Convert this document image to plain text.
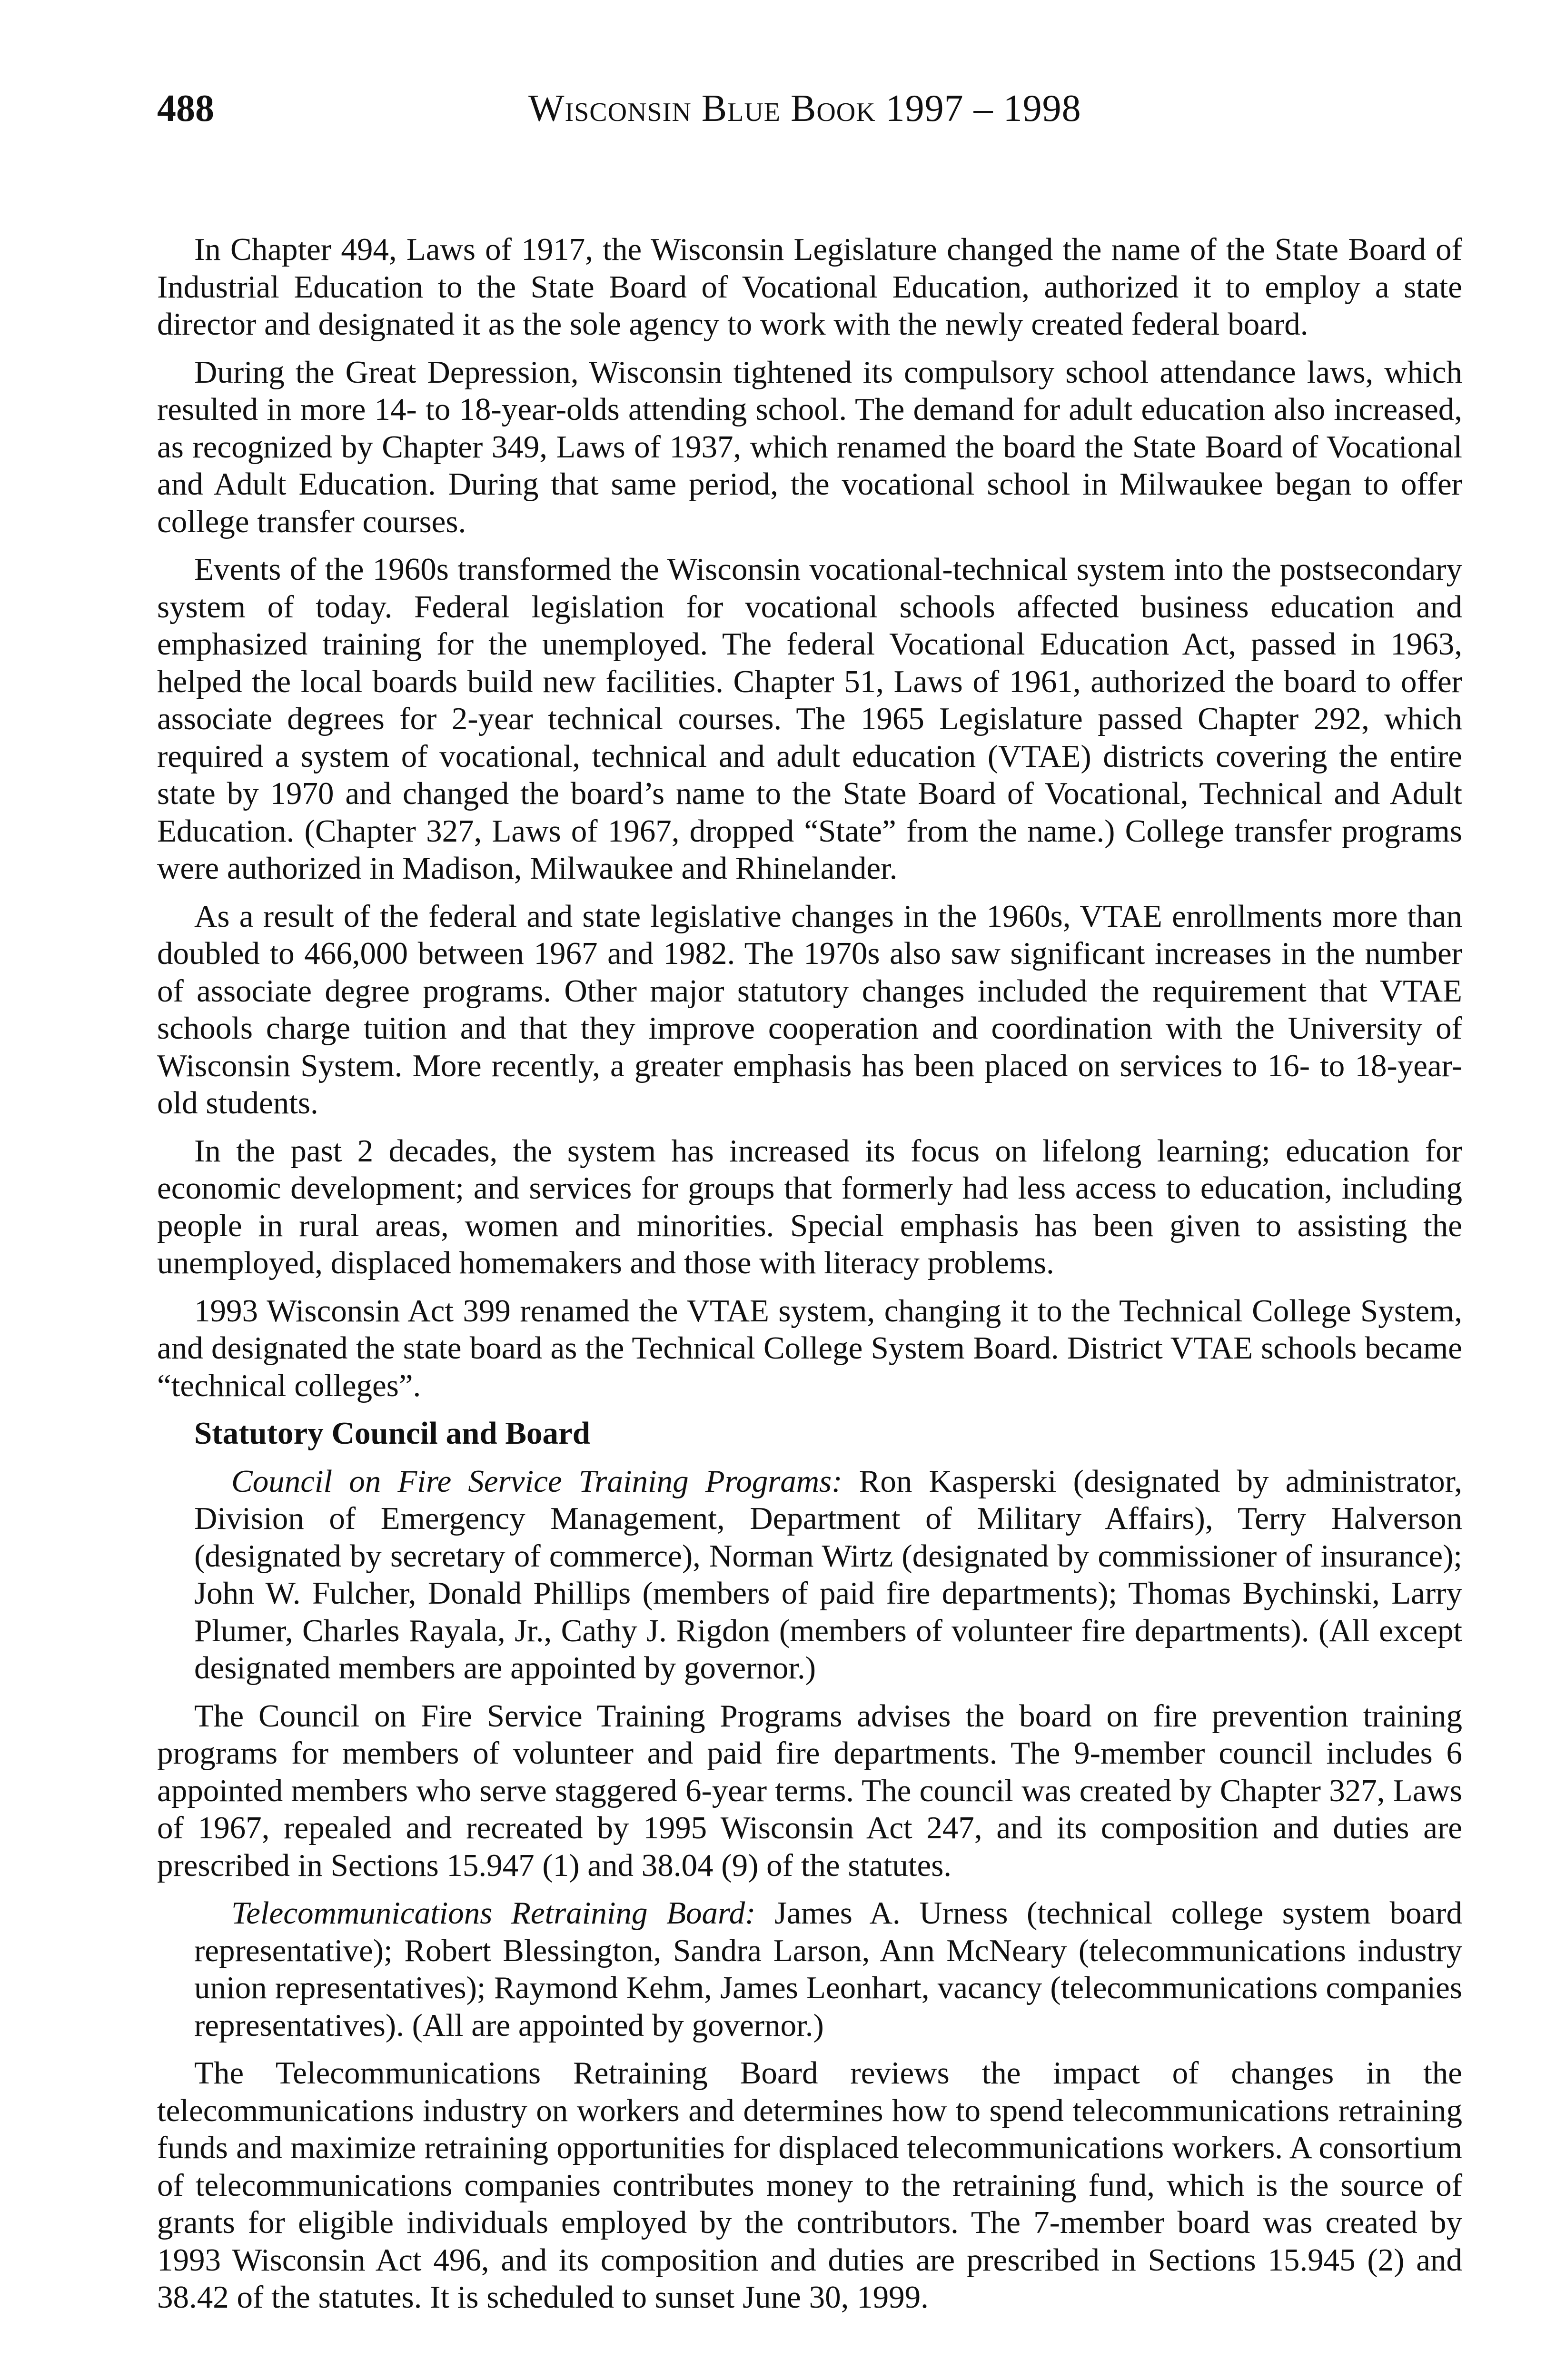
488	Wisconsin Blue Book 1997 – 1998

In Chapter 494, Laws of 1917, the Wisconsin Legislature changed the name of the State Board of Industrial Education to the State Board of Vocational Education, authorized it to employ a state director and designated it as the sole agency to work with the newly created federal board.

During the Great Depression, Wisconsin tightened its compulsory school attendance laws, which resulted in more 14- to 18-year-olds attending school. The demand for adult education also increased, as recognized by Chapter 349, Laws of 1937, which renamed the board the State Board of Vocational and Adult Education. During that same period, the vocational school in Milwaukee began to offer college transfer courses.

Events of the 1960s transformed the Wisconsin vocational-technical system into the postsecondary system of today. Federal legislation for vocational schools affected business education and emphasized training for the unemployed. The federal Vocational Education Act, passed in 1963, helped the local boards build new facilities. Chapter 51, Laws of 1961, authorized the board to offer associate degrees for 2-year technical courses. The 1965 Legislature passed Chapter 292, which required a system of vocational, technical and adult education (VTAE) districts covering the entire state by 1970 and changed the board’s name to the State Board of Vocational, Technical and Adult Education. (Chapter 327, Laws of 1967, dropped “State” from the name.) College transfer programs were authorized in Madison, Milwaukee and Rhinelander.

As a result of the federal and state legislative changes in the 1960s, VTAE enrollments more than doubled to 466,000 between 1967 and 1982. The 1970s also saw significant increases in the number of associate degree programs. Other major statutory changes included the requirement that VTAE schools charge tuition and that they improve cooperation and coordination with the University of Wisconsin System. More recently, a greater emphasis has been placed on services to 16- to 18-year-old students.

In the past 2 decades, the system has increased its focus on lifelong learning; education for economic development; and services for groups that formerly had less access to education, including people in rural areas, women and minorities. Special emphasis has been given to assisting the unemployed, displaced homemakers and those with literacy problems.

1993 Wisconsin Act 399 renamed the VTAE system, changing it to the Technical College System, and designated the state board as the Technical College System Board. District VTAE schools became “technical colleges”.

Statutory Council and Board

Council on Fire Service Training Programs: Ron Kasperski (designated by administrator, Division of Emergency Management, Department of Military Affairs), Terry Halverson (designated by secretary of commerce), Norman Wirtz (designated by commissioner of insurance); John W. Fulcher, Donald Phillips (members of paid fire departments); Thomas Bychinski, Larry Plumer, Charles Rayala, Jr., Cathy J. Rigdon (members of volunteer fire departments). (All except designated members are appointed by governor.)

The Council on Fire Service Training Programs advises the board on fire prevention training programs for members of volunteer and paid fire departments. The 9-member council includes 6 appointed members who serve staggered 6-year terms. The council was created by Chapter 327, Laws of 1967, repealed and recreated by 1995 Wisconsin Act 247, and its composition and duties are prescribed in Sections 15.947 (1) and 38.04 (9) of the statutes.

Telecommunications Retraining Board: James A. Urness (technical college system board representative); Robert Blessington, Sandra Larson, Ann McNeary (telecommunications industry union representatives); Raymond Kehm, James Leonhart, vacancy (telecommunications companies representatives). (All are appointed by governor.)

The Telecommunications Retraining Board reviews the impact of changes in the telecommunications industry on workers and determines how to spend telecommunications retraining funds and maximize retraining opportunities for displaced telecommunications workers. A consortium of telecommunications companies contributes money to the retraining fund, which is the source of grants for eligible individuals employed by the contributors. The 7-member board was created by 1993 Wisconsin Act 496, and its composition and duties are prescribed in Sections 15.945 (2) and 38.42 of the statutes. It is scheduled to sunset June 30, 1999.
